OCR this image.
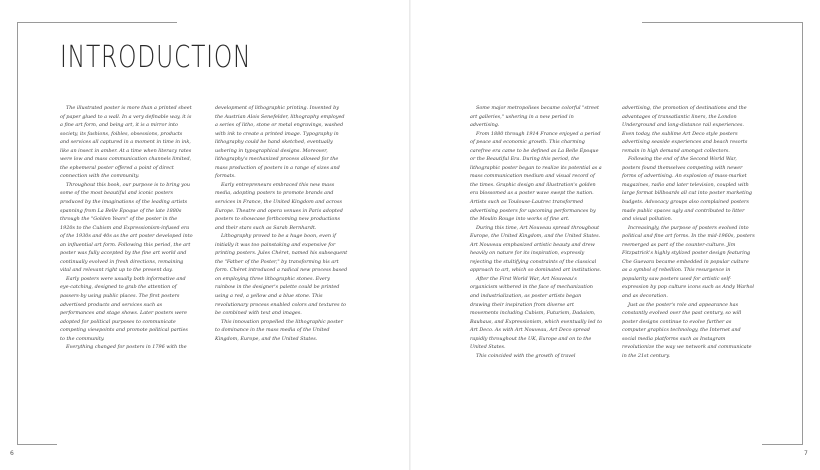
INTRODUCTION

The illustrated poster is more than a printed sheet of paper glued to a wall. In a very definable way, it is a fine art form, and being art, it is a mirror into society, its fashions, foibles, obsessions, products and services all captured in a moment in time in ink, like an insect in amber. At a time when literacy rates were low and mass communication channels limited, the ephemeral poster offered a point of direct connection with the community.

Throughout this book, our purpose is to bring you some of the most beautiful and iconic posters produced by the imaginations of the leading artists spanning from La Belle Époque of the late 1880s through the "Golden Years" of the poster in the 1920s to the Cubism and Expressionism-infused era of the 1930s and 40s as the art poster developed into an influential art form. Following this period, the art poster was fully accepted by the fine art world and continually evolved in fresh directions, remaining vital and relevant right up to the present day.

Early posters were usually both informative and eye-catching, designed to grab the attention of passers-by using public places. The first posters advertised products and services such as performances and stage shows. Later posters were adopted for political purposes to communicate competing viewpoints and promote political parties to the community.

Everything changed for posters in 1796 with the

development of lithographic printing. Invented by the Austrian Alois Senefelder, lithography employed a series of litho, stone or metal engravings, washed with ink to create a printed image. Typography in lithography could be hand sketched, eventually ushering in typographical designs. Moreover, lithography's mechanized process allowed for the mass production of posters in a range of sizes and formats.

Early entrepreneurs embraced this new mass media, adopting posters to promote brands and services in France, the United Kingdom and across Europe. Theatre and opera venues in Paris adopted posters to showcase forthcoming new productions and their stars such as Sarah Bernhardt.

Lithography proved to be a huge boon, even if initially it was too painstaking and expensive for printing posters. Jules Chéret, named his subsequent the "Father of the Poster," by transforming his art form. Chéret introduced a radical new process based on employing three lithographic stones. Every rainbow in the designer's palette could be printed using a red, a yellow and a blue stone. This revolutionary process enabled colors and textures to be combined with text and images.

This innovation propelled the lithographic poster to dominance in the mass media of the United Kingdom, Europe, and the United States.

Some major metropolises became colorful "street art galleries," ushering in a new period in advertising.

From 1880 through 1914 France enjoyed a period of peace and economic growth. This charming carefree era came to be defined as La Belle Époque or the Beautiful Era. During this period, the lithographic poster began to realize its potential as a mass communication medium and visual record of the times. Graphic design and illustration's golden era blossomed as a poster wave swept the nation. Artists such as Toulouse-Lautrec transformed advertising posters for upcoming performances by the Moulin Rouge into works of fine art.

During this time, Art Nouveau spread throughout Europe, the United Kingdom, and the United States. Art Nouveau emphasized artistic beauty and drew heavily on nature for its inspiration, expressly rejecting the stultifying constraints of the classical approach to art, which so dominated art institutions.

After the First World War, Art Nouveau's organicism withered in the face of mechanization and industrialization, as poster artists began drawing their inspiration from diverse art movements including Cubism, Futurism, Dadaism, Bauhaus, and Expressionism, which eventually led to Art Deco. As with Art Nouveau, Art Deco spread rapidly throughout the UK, Europe and on to the United States.

This coincided with the growth of travel

advertising, the promotion of destinations and the advantages of transatlantic liners, the London Underground and long-distance rail experiences. Even today, the sublime Art Deco style posters advertising seaside experiences and beach resorts remain in high demand amongst collectors.

Following the end of the Second World War, posters found themselves competing with newer forms of advertising. An explosion of mass-market magazines, radio and later television, coupled with large format billboards all cut into poster marketing budgets. Advocacy groups also complained posters made public spaces ugly and contributed to litter and visual pollution.

Increasingly, the purpose of posters evolved into political and fine art forms. In the mid-1960s, posters reemerged as part of the counter-culture. Jim Fitzpatrick's highly stylized poster design featuring Che Guevara became embedded in popular culture as a symbol of rebellion. This resurgence in popularity saw posters used for artistic self-expression by pop culture icons such as Andy Warhol and as decoration.

Just as the poster's role and appearance has constantly evolved over the past century, so will poster designs continue to evolve further as computer graphics technology, the Internet and social media platforms such as Instagram revolutionize the way we network and communicate in the 21st century.

6	7
